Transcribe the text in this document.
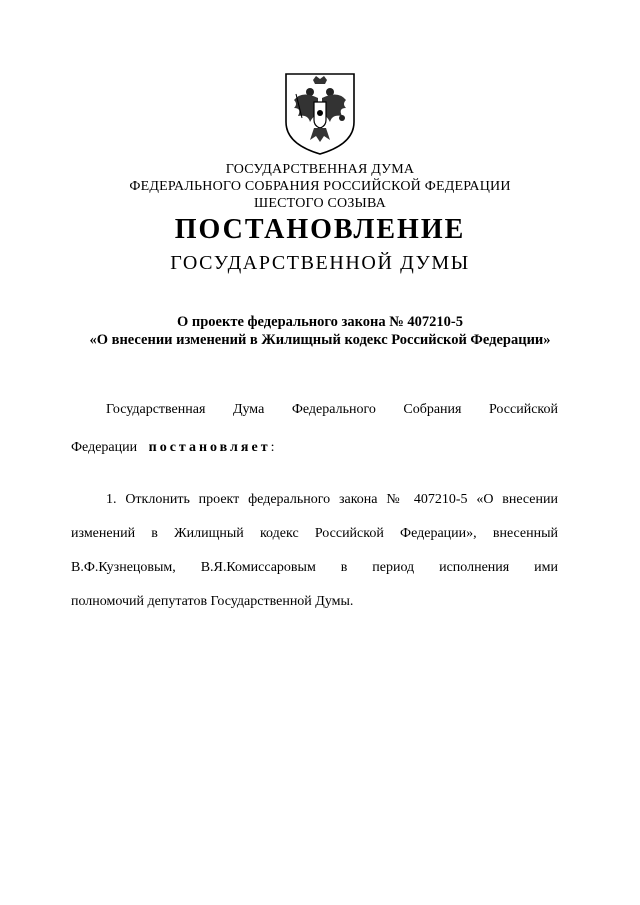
ГОСУДАРСТВЕННАЯ ДУМА
ФЕДЕРАЛЬНОГО СОБРАНИЯ РОССИЙСКОЙ ФЕДЕРАЦИИ
ШЕСТОГО СОЗЫВА
ПОСТАНОВЛЕНИЕ
ГОСУДАРСТВЕННОЙ ДУМЫ
О проекте федерального закона № 407210-5
«О внесении изменений в Жилищный кодекс Российской Федерации»
Государственная Дума Федерального Собрания Российской
Федерации постановляет:
1. Отклонить проект федерального закона № 407210-5 «О внесении
изменений в Жилищный кодекс Российской Федерации», внесенный
В.Ф.Кузнецовым, В.Я.Комиссаровым в период исполнения ими
полномочий депутатов Государственной Думы.
